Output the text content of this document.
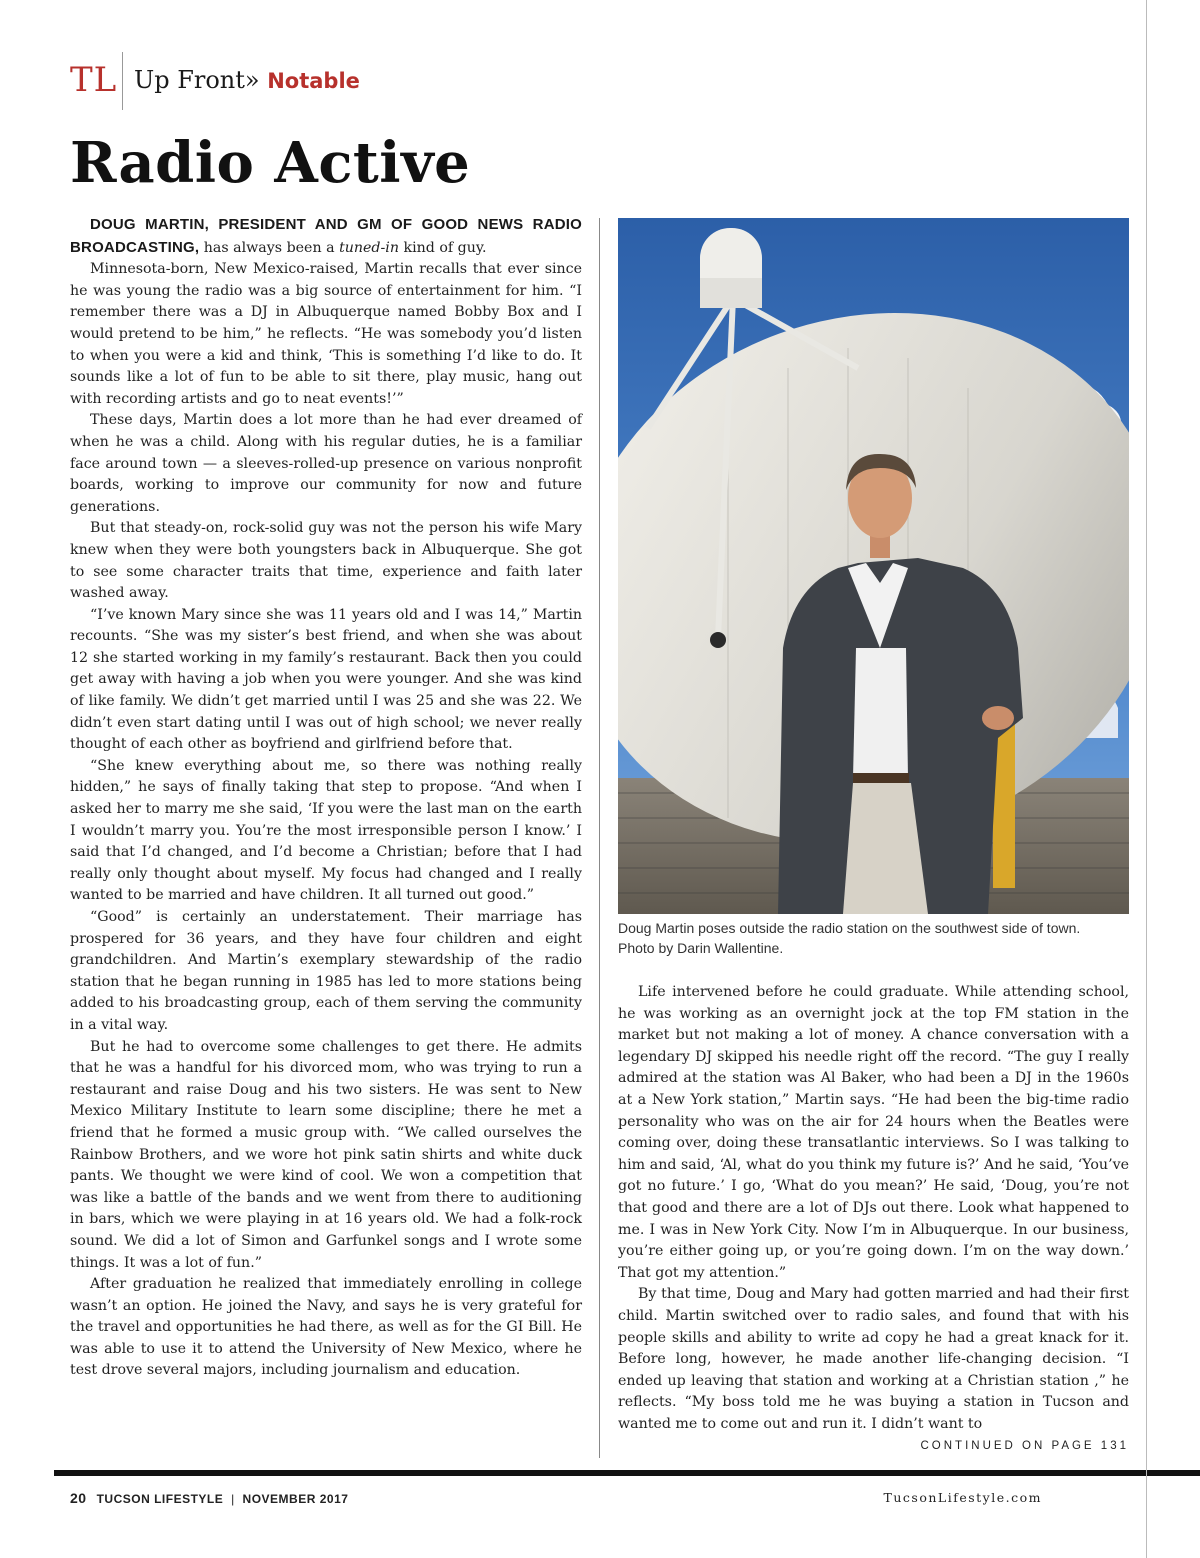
TL Up Front» Notable
Radio Active

DOUG MARTIN, PRESIDENT AND GM OF GOOD NEWS RADIO BROADCASTING, has always been a tuned-in kind of guy.

Minnesota-born, New Mexico-raised, Martin recalls that ever since he was young the radio was a big source of entertainment for him. “I remember there was a DJ in Albuquerque named Bobby Box and I would pretend to be him,” he reflects. “He was somebody you’d listen to when you were a kid and think, ‘This is something I’d like to do. It sounds like a lot of fun to be able to sit there, play music, hang out with recording artists and go to neat events!’”

These days, Martin does a lot more than he had ever dreamed of when he was a child. Along with his regular duties, he is a familiar face around town — a sleeves-rolled-up presence on various nonprofit boards, working to improve our community for now and future generations.

But that steady-on, rock-solid guy was not the person his wife Mary knew when they were both youngsters back in Albuquerque. She got to see some character traits that time, experience and faith later washed away.

“I’ve known Mary since she was 11 years old and I was 14,” Martin recounts. “She was my sister’s best friend, and when she was about 12 she started working in my family’s restaurant. Back then you could get away with having a job when you were younger. And she was kind of like family. We didn’t get married until I was 25 and she was 22. We didn’t even start dating until I was out of high school; we never really thought of each other as boyfriend and girlfriend before that.

“She knew everything about me, so there was nothing really hidden,” he says of finally taking that step to propose. “And when I asked her to marry me she said, ‘If you were the last man on the earth I wouldn’t marry you. You’re the most irresponsible person I know.’ I said that I’d changed, and I’d become a Christian; before that I had really only thought about myself. My focus had changed and I really wanted to be married and have children. It all turned out good.”

“Good” is certainly an understatement. Their marriage has prospered for 36 years, and they have four children and eight grandchildren. And Martin’s exemplary stewardship of the radio station that he began running in 1985 has led to more stations being added to his broadcasting group, each of them serving the community in a vital way.

But he had to overcome some challenges to get there. He admits that he was a handful for his divorced mom, who was trying to run a restaurant and raise Doug and his two sisters. He was sent to New Mexico Military Institute to learn some discipline; there he met a friend that he formed a music group with. “We called ourselves the Rainbow Brothers, and we wore hot pink satin shirts and white duck pants. We thought we were kind of cool. We won a competition that was like a battle of the bands and we went from there to auditioning in bars, which we were playing in at 16 years old. We had a folk-rock sound. We did a lot of Simon and Garfunkel songs and I wrote some things. It was a lot of fun.”

After graduation he realized that immediately enrolling in college wasn’t an option. He joined the Navy, and says he is very grateful for the travel and opportunities he had there, as well as for the GI Bill. He was able to use it to attend the University of New Mexico, where he test drove several majors, including journalism and education.

Doug Martin poses outside the radio station on the southwest side of town. Photo by Darin Wallentine.

Life intervened before he could graduate. While attending school, he was working as an overnight jock at the top FM station in the market but not making a lot of money. A chance conversation with a legendary DJ skipped his needle right off the record. “The guy I really admired at the station was Al Baker, who had been a DJ in the 1960s at a New York station,” Martin says. “He had been the big-time radio personality who was on the air for 24 hours when the Beatles were coming over, doing these transatlantic interviews. So I was talking to him and said, ‘Al, what do you think my future is?’ And he said, ‘You’ve got no future.’ I go, ‘What do you mean?’ He said, ‘Doug, you’re not that good and there are a lot of DJs out there. Look what happened to me. I was in New York City. Now I’m in Albuquerque. In our business, you’re either going up, or you’re going down. I’m on the way down.’ That got my attention.”

By that time, Doug and Mary had gotten married and had their first child. Martin switched over to radio sales, and found that with his people skills and ability to write ad copy he had a great knack for it. Before long, however, he made another life-changing decision. “I ended up leaving that station and working at a Christian station ,” he reflects. “My boss told me he was buying a station in Tucson and wanted me to come out and run it. I didn’t want to

CONTINUED ON PAGE 131
20 TUCSON LIFESTYLE | NOVEMBER 2017	TucsonLifestyle.com
